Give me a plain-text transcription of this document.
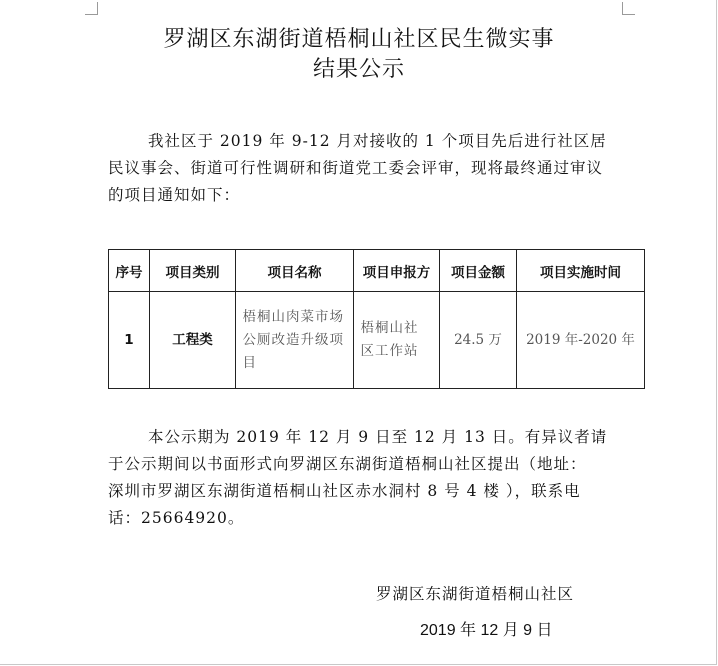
罗湖区东湖街道梧桐山社区民生微实事
结果公示
我社区于 2019 年 9-12 月对接收的 1 个项目先后进行社区居民议事会、街道可行性调研和街道党工委会评审，现将最终通过审议的项目通知如下：
序号	项目类别	项目名称	项目申报方	项目金额	项目实施时间
1	工程类	梧桐山肉菜市场公厕改造升级项目	梧桐山社区工作站	24.5 万	2019 年-2020 年
本公示期为 2019 年 12 月 9 日至 12 月 13 日。有异议者请于公示期间以书面形式向罗湖区东湖街道梧桐山社区提出（地址： 深圳市罗湖区东湖街道梧桐山社区赤水洞村 8 号 4 楼 ），联系电话：25664920。
罗湖区东湖街道梧桐山社区
2019 年 12 月 9 日
